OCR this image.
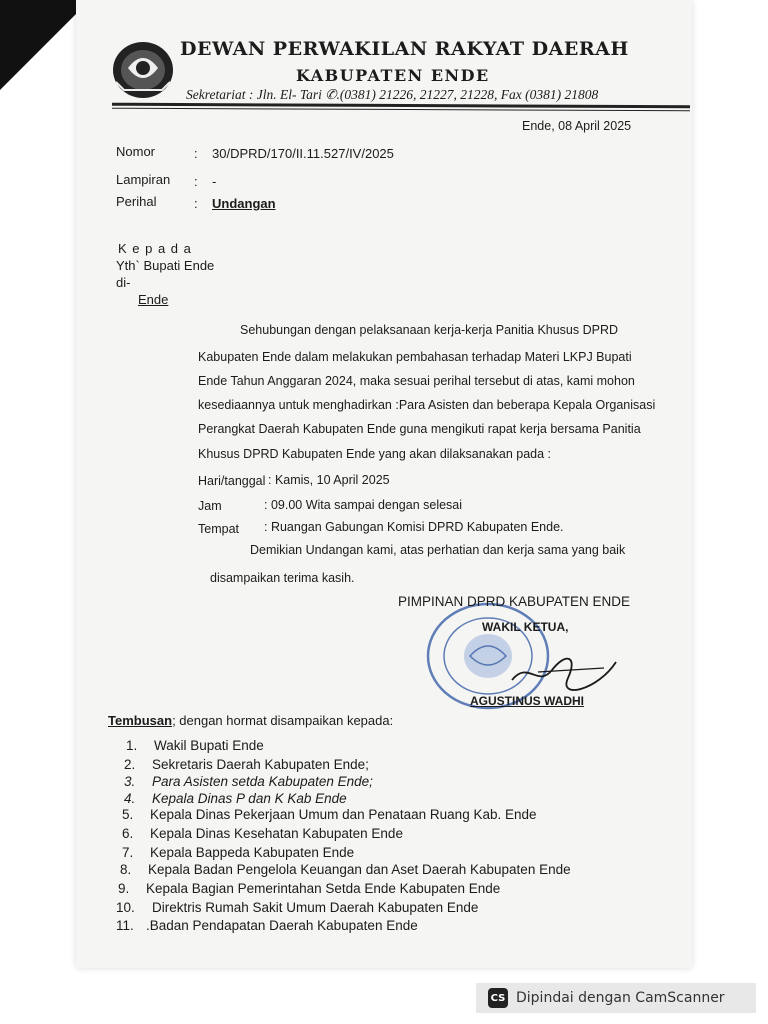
DEWAN PERWAKILAN RAKYAT DAERAH
KABUPATEN ENDE
Sekretariat : Jln. El- Tari ✆.(0381) 21226, 21227, 21228, Fax (0381) 21808
Ende, 08 April 2025
Nomor	: 30/DPRD/170/II.11.527/IV/2025
Lampiran : -
Perihal	: Undangan
K e p a d a
Yth` Bupati Ende
di-
Ende
Sehubungan dengan pelaksanaan kerja-kerja Panitia Khusus DPRD
Kabupaten Ende dalam melakukan pembahasan terhadap Materi LKPJ Bupati
Ende Tahun Anggaran 2024, maka sesuai perihal tersebut di atas, kami mohon
kesediaannya untuk menghadirkan :Para Asisten dan beberapa Kepala Organisasi
Perangkat Daerah Kabupaten Ende guna mengikuti rapat kerja bersama Panitia
Khusus DPRD Kabupaten Ende yang akan dilaksanakan pada :
Hari/tanggal : Kamis, 10 April 2025
Jam	: 09.00 Wita sampai dengan selesai
Tempat : Ruangan Gabungan Komisi DPRD Kabupaten Ende.
Demikian Undangan kami, atas perhatian dan kerja sama yang baik
disampaikan terima kasih.
PIMPINAN DPRD KABUPATEN ENDE
WAKIL KETUA,
AGUSTINUS WADHI
Tembusan; dengan hormat disampaikan kepada:
1. Wakil Bupati Ende
2. Sekretaris Daerah Kabupaten Ende;
3. Para Asisten setda Kabupaten Ende;
4. Kepala Dinas P dan K Kab Ende
5. Kepala Dinas Pekerjaan Umum dan Penataan Ruang Kab. Ende
6. Kepala Dinas Kesehatan Kabupaten Ende
7. Kepala Bappeda Kabupaten Ende
8. Kepala Badan Pengelola Keuangan dan Aset Daerah Kabupaten Ende
9. Kepala Bagian Pemerintahan Setda Ende Kabupaten Ende
10. Direktris Rumah Sakit Umum Daerah Kabupaten Ende
11. .Badan Pendapatan Daerah Kabupaten Ende
CS Dipindai dengan CamScanner
